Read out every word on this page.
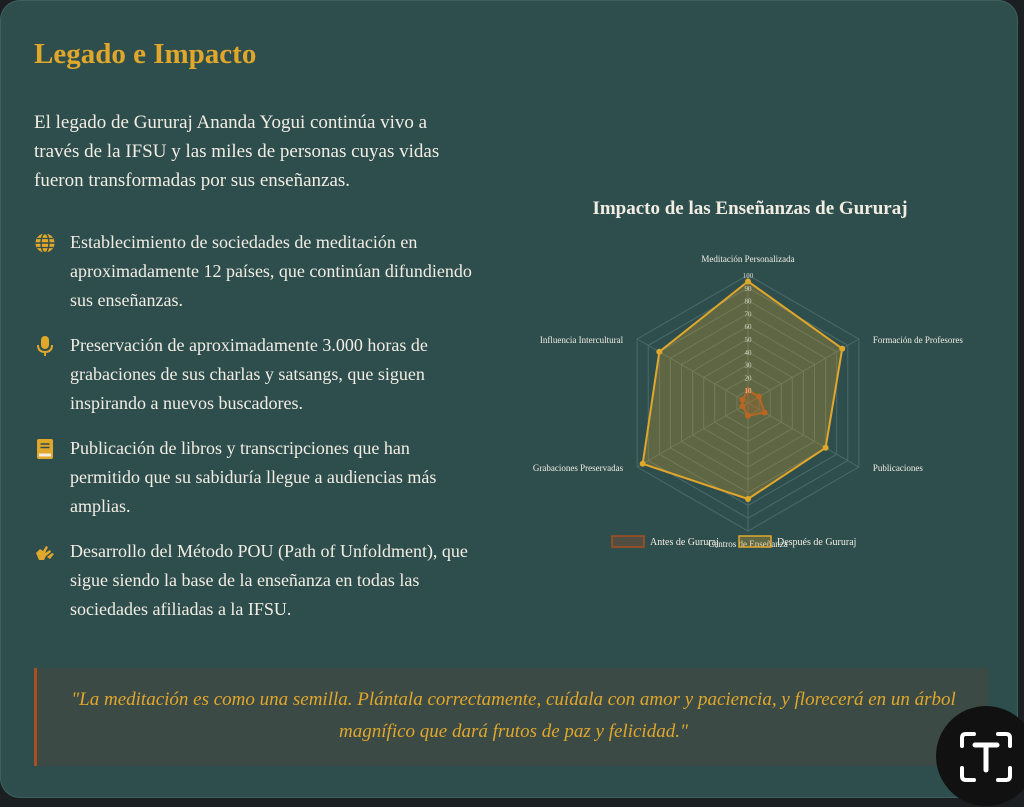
Legado e Impacto
El legado de Gururaj Ananda Yogui continúa vivo a través de la IFSU y las miles de personas cuyas vidas fueron transformadas por sus enseñanzas.
Establecimiento de sociedades de meditación en aproximadamente 12 países, que continúan difundiendo sus enseñanzas.
Preservación de aproximadamente 3.000 horas de grabaciones de sus charlas y satsangs, que siguen inspirando a nuevos buscadores.
Publicación de libros y transcripciones que han permitido que su sabiduría llegue a audiencias más amplias.
Desarrollo del Método POU (Path of Unfoldment), que sigue siendo la base de la enseñanza en todas las sociedades afiliadas a la IFSU.
Impacto de las Enseñanzas de Gururaj
10
20
30
40
50
60
70
80
90
100
Meditación Personalizada
Formación de Profesores
Publicaciones
Centros de Enseñanza
Grabaciones Preservadas
Influencia Intercultural
Antes de Gururaj	Después de Gururaj

"La meditación es como una semilla. Plántala correctamente, cuídala con amor y paciencia, y florecerá en un árbol magnífico que dará frutos de paz y felicidad."
